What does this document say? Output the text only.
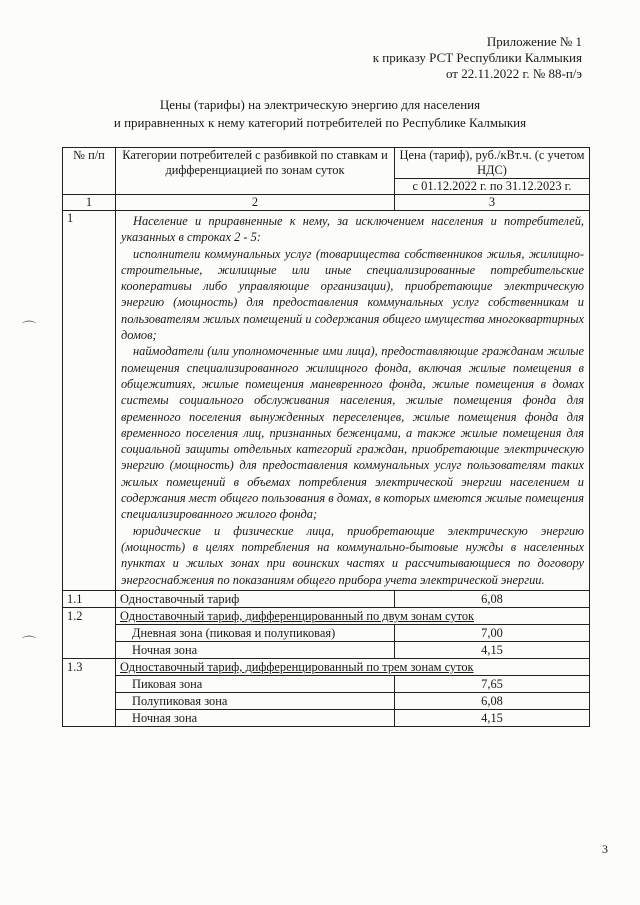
Приложение № 1
к приказу РСТ Республики Калмыкия
от 22.11.2022 г. № 88-п/э
Цены (тарифы) на электрическую энергию для населения
и приравненных к нему категорий потребителей по Республике Калмыкия
№ п/п	Категории потребителей с разбивкой по ставкам и дифференциацией по зонам суток	Цена (тариф), руб./кВт.ч. (с учетом НДС)
		с 01.12.2022 г. по 31.12.2023 г.
1	2	3
1	Население и приравненные к нему, за исключением населения и потребителей, указанных в строках 2 - 5:

исполнители коммунальных услуг (товарищества собственников жилья, жилищно-строительные, жилищные или иные специализированные потребительские кооперативы либо управляющие организации), приобретающие электрическую энергию (мощность) для предоставления коммунальных услуг собственникам и пользователям жилых помещений и содержания общего имущества многоквартирных домов;

наймодатели (или уполномоченные ими лица), предоставляющие гражданам жилые помещения специализированного жилищного фонда, включая жилые помещения в общежитиях, жилые помещения маневренного фонда, жилые помещения в домах системы социального обслуживания населения, жилые помещения фонда для временного поселения вынужденных переселенцев, жилые помещения фонда для временного поселения лиц, признанных беженцами, а также жилые помещения для социальной защиты отдельных категорий граждан, приобретающие электрическую энергию (мощность) для предоставления коммунальных услуг пользователям таких жилых помещений в объемах потребления электрической энергии населением и содержания мест общего пользования в домах, в которых имеются жилые помещения специализированного жилого фонда;

юридические и физические лица, приобретающие электрическую энергию (мощность) в целях потребления на коммунально-бытовые нужды в населенных пунктах и жилых зонах при воинских частях и рассчитывающиеся по договору энергоснабжения по показаниям общего прибора учета электрической энергии.	

1.1	Одноставочный тариф	6,08
1.2	Одноставочный тариф, дифференцированный по двум зонам суток	
	Дневная зона (пиковая и полупиковая)	7,00
	Ночная зона	4,15
1.3	Одноставочный тариф, дифференцированный по трем зонам суток	
	Пиковая зона	7,65
	Полупиковая зона	6,08
	Ночная зона	4,15
⌒
⌒
3
